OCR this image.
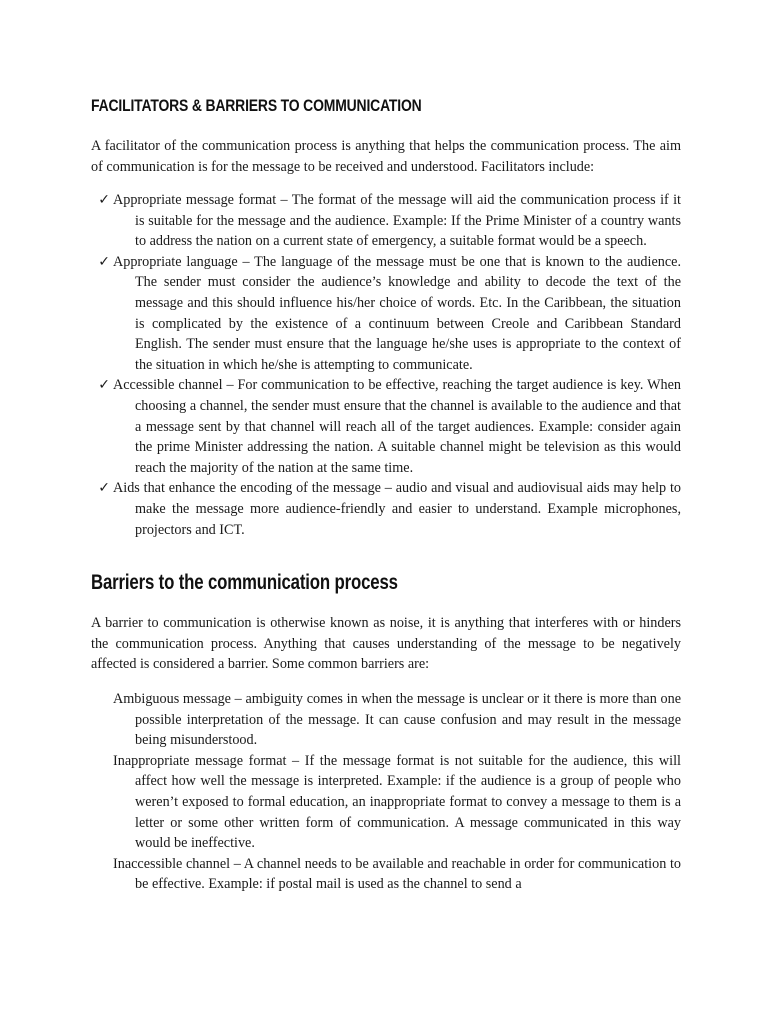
FACILITATORS & BARRIERS TO COMMUNICATION
A facilitator of the communication process is anything that helps the communication process. The aim of communication is for the message to be received and understood. Facilitators include:
✓ Appropriate message format – The format of the message will aid the communication process if it is suitable for the message and the audience. Example: If the Prime Minister of a country wants to address the nation on a current state of emergency, a suitable format would be a speech.
✓ Appropriate language – The language of the message must be one that is known to the audience. The sender must consider the audience’s knowledge and ability to decode the text of the message and this should influence his/her choice of words. Etc. In the Caribbean, the situation is complicated by the existence of a continuum between Creole and Caribbean Standard English. The sender must ensure that the language he/she uses is appropriate to the context of the situation in which he/she is attempting to communicate.
✓ Accessible channel – For communication to be effective, reaching the target audience is key. When choosing a channel, the sender must ensure that the channel is available to the audience and that a message sent by that channel will reach all of the target audiences. Example: consider again the prime Minister addressing the nation. A suitable channel might be television as this would reach the majority of the nation at the same time.
✓ Aids that enhance the encoding of the message – audio and visual and audiovisual aids may help to make the message more audience-friendly and easier to understand. Example microphones, projectors and ICT.
Barriers to the communication process
A barrier to communication is otherwise known as noise, it is anything that interferes with or hinders the communication process. Anything that causes understanding of the message to be negatively affected is considered a barrier. Some common barriers are:
Ambiguous message – ambiguity comes in when the message is unclear or it there is more than one possible interpretation of the message. It can cause confusion and may result in the message being misunderstood.
Inappropriate message format – If the message format is not suitable for the audience, this will affect how well the message is interpreted. Example: if the audience is a group of people who weren’t exposed to formal education, an inappropriate format to convey a message to them is a letter or some other written form of communication. A message communicated in this way would be ineffective.
Inaccessible channel – A channel needs to be available and reachable in order for communication to be effective. Example: if postal mail is used as the channel to send a
